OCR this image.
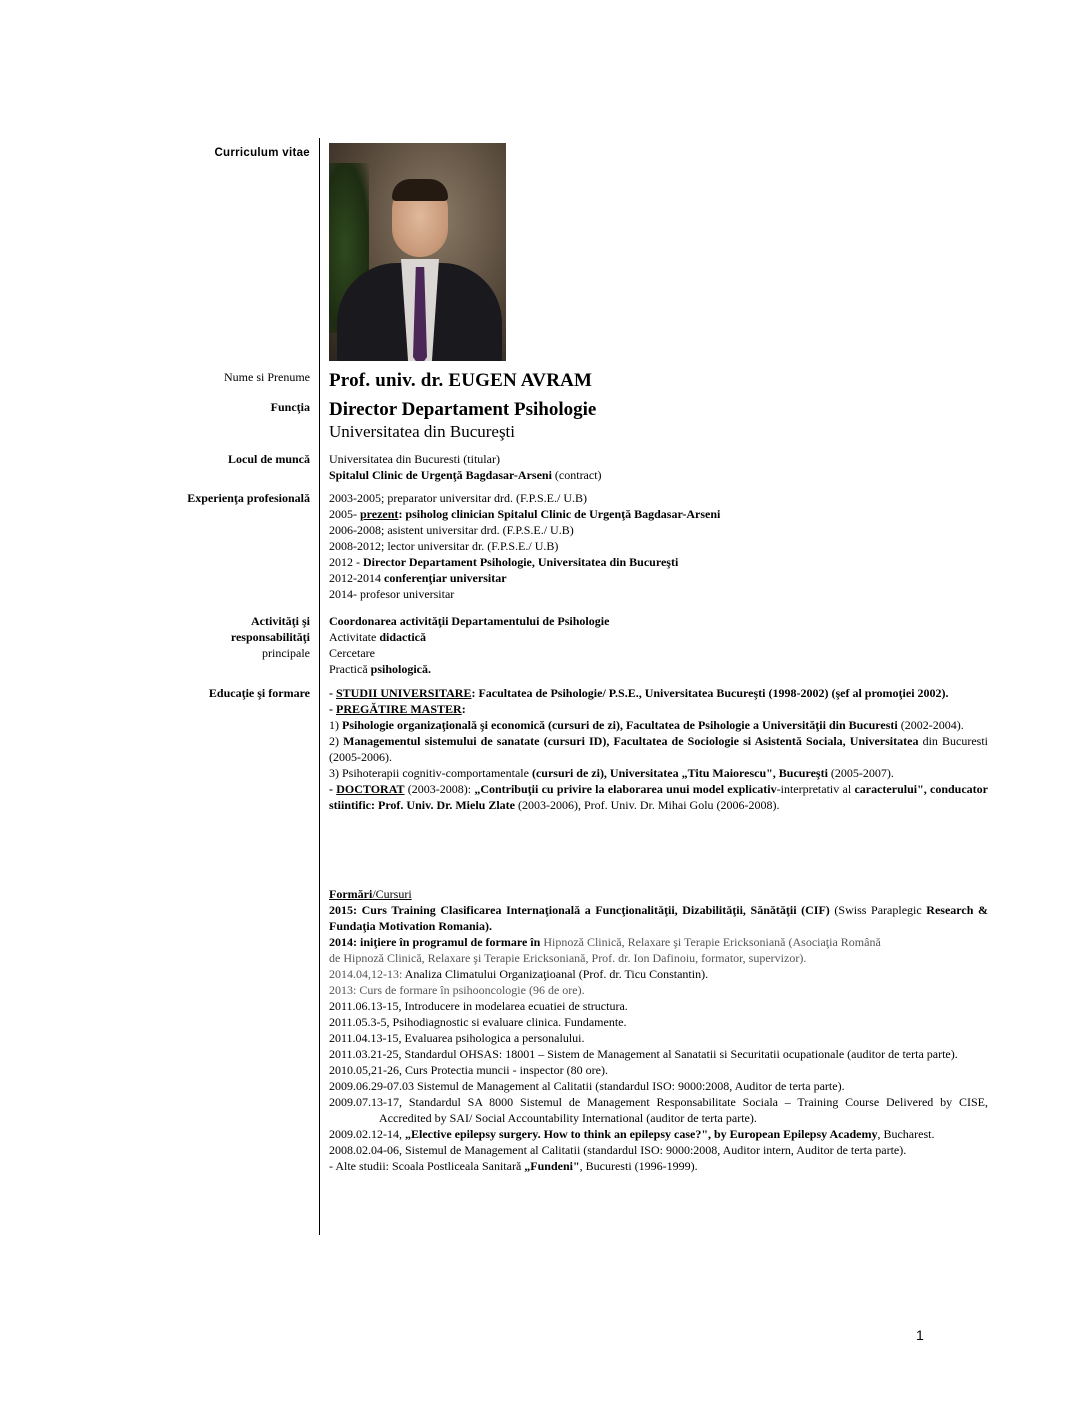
Curriculum vitae
Nume si Prenume
Funcţia
Locul de muncă
Experienţa profesională
Activităţi şi
responsabilităţi
principale
Educaţie şi formare
Prof. univ. dr. EUGEN AVRAM
Director Departament Psihologie
Universitatea din Bucureşti
Universitatea din Bucuresti (titular)
Spitalul Clinic de Urgenţă Bagdasar-Arseni (contract)
2003-2005; preparator universitar drd. (F.P.S.E./ U.B)
2005- prezent: psiholog clinician Spitalul Clinic de Urgenţă Bagdasar-Arseni
2006-2008; asistent universitar drd. (F.P.S.E./ U.B)
2008-2012; lector universitar dr. (F.P.S.E./ U.B)
2012 - Director Departament Psihologie, Universitatea din Bucureşti
2012-2014 conferenţiar universitar
2014- profesor universitar
Coordonarea activităţii Departamentului de Psihologie
Activitate didactică
Cercetare
Practică psihologică.
- STUDII UNIVERSITARE: Facultatea de Psihologie/ P.S.E., Universitatea Bucureşti (1998-2002) (şef al promoţiei 2002).
- PREGĂTIRE MASTER:
1) Psihologie organizaţională şi economică (cursuri de zi), Facultatea de Psihologie a Universităţii din Bucuresti (2002-2004).
2) Managementul sistemului de sanatate (cursuri ID), Facultatea de Sociologie si Asistentă Sociala, Universitatea din Bucuresti (2005-2006).
3) Psihoterapii cognitiv-comportamentale (cursuri de zi), Universitatea „Titu Maiorescu", Bucureşti (2005-2007).
- DOCTORAT (2003-2008): „Contribuţii cu privire la elaborarea unui model explicativ-interpretativ al caracterului", conducator stiintific: Prof. Univ. Dr. Mielu Zlate (2003-2006), Prof. Univ. Dr. Mihai Golu (2006-2008).
Formări/Cursuri
2015: Curs Training Clasificarea Internaţională a Funcţionalităţii, Dizabilităţii, Sănătăţii (CIF) (Swiss Paraplegic Research & Fundaţia Motivation Romania).
2014: iniţiere în programul de formare în Hipnoză Clinică, Relaxare şi Terapie Ericksoniană (Asociaţia Română
de Hipnoză Clinică, Relaxare şi Terapie Ericksoniană, Prof. dr. Ion Dafinoiu, formator, supervizor).
2014.04,12-13: Analiza Climatului Organizaţioanal (Prof. dr. Ticu Constantin).
2013: Curs de formare în psihooncologie (96 de ore).
2011.06.13-15, Introducere in modelarea ecuatiei de structura.
2011.05.3-5, Psihodiagnostic si evaluare clinica. Fundamente.
2011.04.13-15, Evaluarea psihologica a personalului.
2011.03.21-25, Standardul OHSAS: 18001 – Sistem de Management al Sanatatii si Securitatii ocupationale (auditor de terta parte).
2010.05,21-26, Curs Protectia muncii - inspector (80 ore).
2009.06.29-07.03 Sistemul de Management al Calitatii (standardul ISO: 9000:2008, Auditor de terta parte).
2009.07.13-17, Standardul SA 8000 Sistemul de Management Responsabilitate Sociala – Training Course Delivered by CISE, Accredited by SAI/ Social Accountability International (auditor de terta parte).
2009.02.12-14, „Elective epilepsy surgery. How to think an epilepsy case?", by European Epilepsy Academy, Bucharest.
2008.02.04-06, Sistemul de Management al Calitatii (standardul ISO: 9000:2008, Auditor intern, Auditor de terta parte).
- Alte studii: Scoala Postliceala Sanitară „Fundeni", Bucuresti (1996-1999).
1
